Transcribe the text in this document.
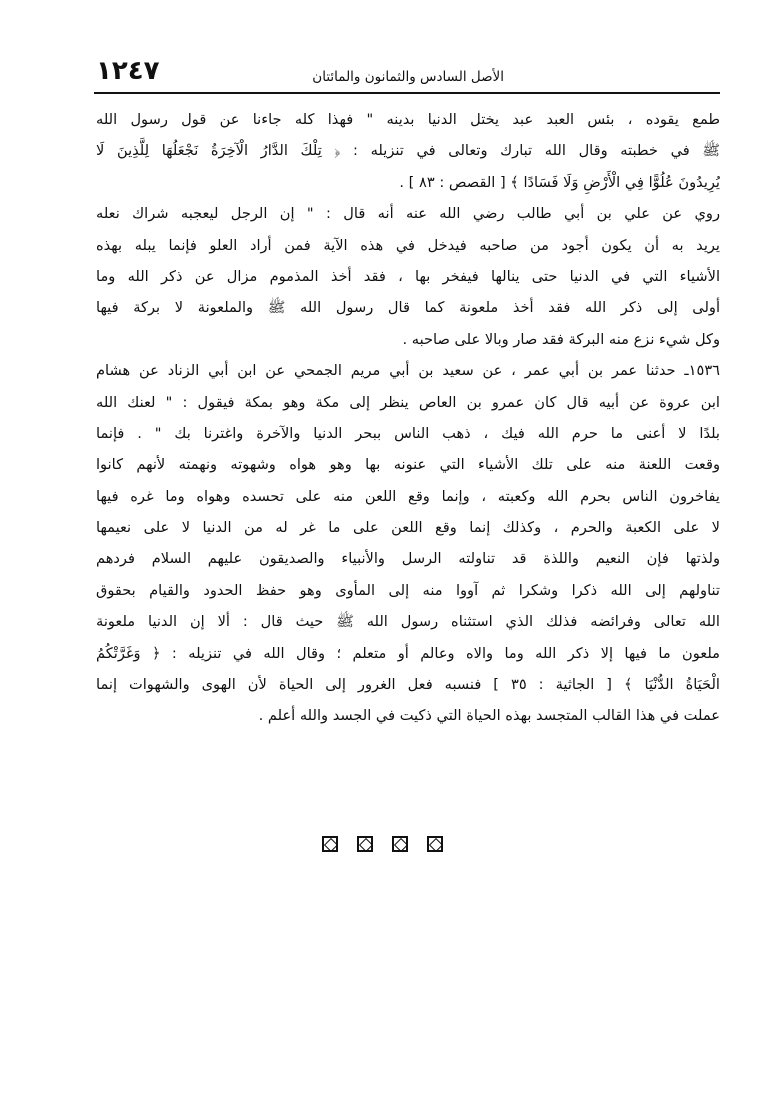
١٢٤٧	الأصل السادس والثمانون والمائتان
طمع يقوده ، بئس العبد عبد يختل الدنيا بدينه " فهذا كله جاءنا عن قول رسول الله
ﷺ في خطبته وقال الله تبارك وتعالى في تنزيله : ﴿ تِلْكَ الدَّارُ الْآخِرَةُ نَجْعَلُهَا لِلَّذِينَ لَا
يُرِيدُونَ عُلُوًّا فِي الْأَرْضِ وَلَا فَسَادًا ﴾ [ القصص : ٨٣ ] .
روي عن علي بن أبي طالب رضي الله عنه أنه قال : " إن الرجل ليعجبه شراك نعله
يريد به أن يكون أجود من صاحبه فيدخل في هذه الآية فمن أراد العلو فإنما يبله بهذه
الأشياء التي في الدنيا حتى ينالها فيفخر بها ، فقد أخذ المذموم مزال عن ذكر الله وما
أولى إلى ذكر الله فقد أخذ ملعونة كما قال رسول الله ﷺ والملعونة لا بركة فيها
وكل شيء نزع منه البركة فقد صار وبالا على صاحبه .
١٥٣٦ـ حدثنا عمر بن أبي عمر ، عن سعيد بن أبي مريم الجمحي عن ابن أبي الزناد عن هشام
ابن عروة عن أبيه قال كان عمرو بن العاص ينظر إلى مكة وهو بمكة فيقول : " لعنك الله
بلدًا لا أعنى ما حرم الله فيك ، ذهب الناس ببحر الدنيا والآخرة واغترنا بك " . فإنما
وقعت اللعنة منه على تلك الأشياء التي عنونه بها وهو هواه وشهوته ونهمته لأنهم كانوا
يفاخرون الناس بحرم الله وكعبته ، وإنما وقع اللعن منه على تحسده وهواه وما غره فيها
لا على الكعبة والحرم ، وكذلك إنما وقع اللعن على ما غر له من الدنيا لا على نعيمها
ولذتها فإن النعيم واللذة قد تناولته الرسل والأنبياء والصديقون عليهم السلام فردهم
تناولهم إلى الله ذكرا وشكرا ثم آووا منه إلى المأوى وهو حفظ الحدود والقيام بحقوق
الله تعالى وفرائضه فذلك الذي استثناه رسول الله ﷺ حيث قال : ألا إن الدنيا ملعونة
ملعون ما فيها إلا ذكر الله وما والاه وعالم أو متعلم ؛ وقال الله في تنزيله : ﴿ وَغَرَّتْكُمُ
الْحَيَاةُ الدُّنْيَا ﴾ [ الجاثية : ٣٥ ] فنسبه فعل الغرور إلى الحياة لأن الهوى والشهوات إنما
عملت في هذا القالب المتجسد بهذه الحياة التي ذكيت في الجسد والله أعلم .
